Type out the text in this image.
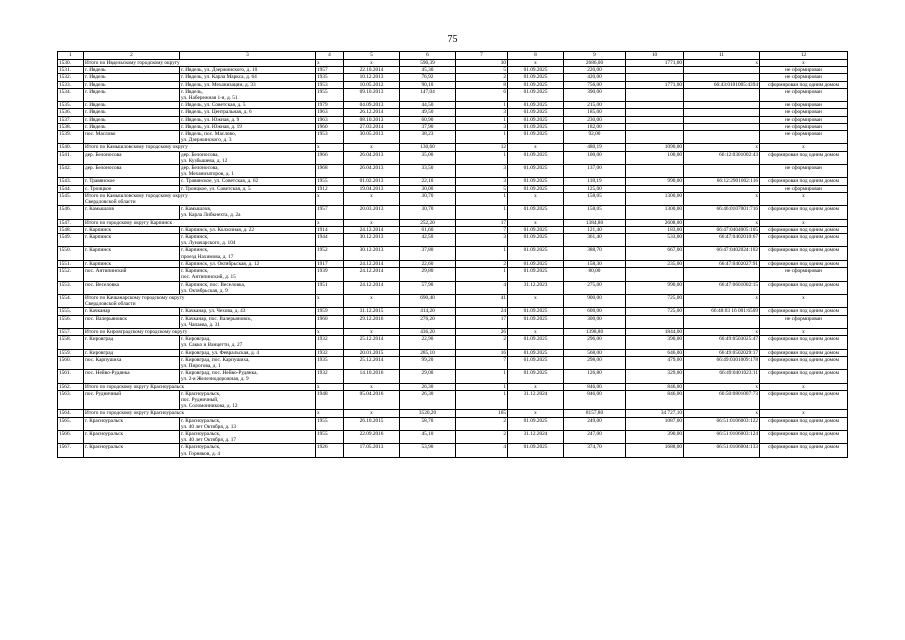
75
1	2	3	4	5	6	7	8	9	10	11	12
1530.	Итого по Ивдельскому городскому округу		x	x	590,39	30	x	2686,00	1771,00	x	x
1531.	г. Ивдель	г. Ивдель, ул. Дзержинского, д. 10	1957	22.10.2014	45,30	5	01.09.2025	220,00			не сформирован
1532.	г. Ивдель	г. Ивдель, ул. Карла Маркса, д. 64	1935	10.12.2013	76,92	2	01.09.2025	420,00			не сформирован
1533.	г. Ивдель	г. Ивдель, ул. Механизации, д. 33	1953	10.05.2012	90,10	8	01.09.2025	756,00	1771,00	66:43:0101005:4394	сформирован под одним домом
1534.	г. Ивдель	г. Ивдель,
ул. Набережная 1-я, д. 51	1955	09.10.2013	147,04	6	01.09.2025	390,00			не сформирован
1535.	г. Ивдель	г. Ивдель, ул. Советская, д. 5	1979	04.09.2013	44,50	1	01.09.2025	215,00			не сформирован
1536.	г. Ивдель	г. Ивдель, ул. Центральная, д. 6	1963	26.12.2014	49,50	3	01.09.2025	185,00			не сформирован
1537.	г. Ивдель	г. Ивдель, ул. Южная, д. 9	1963	08.10.2013	60,90	1	01.09.2025	230,00			не сформирован
1538.	г. Ивдель	г. Ивдель, ул. Южная, д. 19	1960	27.03.2014	37,90	3	01.09.2025	182,00			не сформирован
1539.	пос. Маслово	г. Ивдель, пос. Маслово,
ул. Дзержинского, д. 3	1953	30.05.2013	38,23	1	01.09.2025	92,00			не сформирован
1540.	Итого по Камышловскому городскому округу		x	x	130,60	12	x	480,19	1090,00	x	x
1541.	дер. Белоносова	дер. Белоносова,
ул. Кузбышева, д. 12	1966	26.04.2013	35,00	1	01.09.2025	100,00	100,00	66:12:0301002:43	сформирован под одним домом
1542.	дер. Белоносова	дер. Белоносова,
ул. Механизаторов, д. 1	1968	26.04.2013	33,50	3	01.09.2025	137,00			не сформирован
1543.	г. Травянское	с. Травянское, ул. Советская, д. 62	1955	01.02.2013	22,10	3	01.09.2025	118,19	990,00	66:12:2901002:116	сформирован под одним домом
1544.	с. Троицкое	г. Троицкое, ул. Советская, д. 5	1912	19.04.2013	30,00	5	01.09.2025	125,00			не сформирован
1545.	Итого по Камышловскому городскому округу
Свердловской области		x	x	30,70	1	x	158,05	1300,00	x	x
1546.	г. Камышлов	г. Камышлов,
ул. Карла Либкнехта, д. 2а	1957	20.03.2013	30,70	1	01.09.2025	158,05	1300,00	66:46:0107001:716	сформирован под одним домом
1547.	Итого по городскому округу Карпинск		x	x	252,20	17	x	1384,80	2608,00	x	x
1548.	г. Карпинск	г. Карпинск, ул. Колхозная, д. 22	1914	24.12.2014	61,60	7	01.09.2025	121,40	183,00	66:47:0404005:105	сформирован под одним домом
1549.	г. Карпинск	г. Карпинск,
ул. Луначарского, д. 104	1944	30.12.2013	42,50	3	01.09.2025	361,40	533,00	66:47:0402010:67	сформирован под одним домом
1550.	г. Карпинск	г. Карпинск,
проезд Нахимова, д. 17	1952	30.12.2013	37,80	1	01.09.2025	388,70	667,00	66:47:0402024:102	сформирован под одним домом
1551.	г. Карпинск	г. Карпинск, ул. Октябрьская, д. 12	1917	24.12.2014	22,60	2	01.09.2025	158,30	235,00	66:47:0402027:91	сформирован под одним домом
1552.	пос. Антипинский	г. Карпинск,
пос. Антипинский, д. 15	1939	24.12.2014	29,80	1	01.09.2025	80,00			не сформирован
1553.	пос. Веселовка	г. Карпинск, пос. Веселовка,
ул. Октябрьская, д. 9	1951	24.12.2014	57,90	4	31.12.2023	275,00	990,00	66:47:0601002:15	сформирован под одним домом
1554.	Итого по Качканарскому городскому округу
Свердловской области		x	x	690,40	41	x	900,00	725,00	x	x
1555.	г. Качканар	г. Качканар, ул. Чехова, д. 43	1959	31.12.2015	414,20	24	01.09.2025	600,00	725,00	66:48:03 16 001:6509	сформирован под одним домом
1556.	пос. Валерьяновск	г. Качканар, пос. Валерьяновск,
ул. Чапаева, д. 31	1960	29.12.2016	276,20	17	01.09.2025	300,00			не сформирован
1557.	Итого по Кировградскому городскому округу		x	x	436,20	26	x	1398,80	1844,00	x	x
1558.	г. Кировград	г. Кировград,
ул. Сакко и Ванцетти, д. 27	1932	25.12.2014	22,90	2	01.09.2025	296,00	390,00	66:49:0503025:47	сформирован под одним домом
1559.	г. Кировград	г. Кировград, ул. Февральская, д. 4	1932	20.01.2015	285,10	16	01.09.2025	568,00	646,00	66:49:0502029:17	сформирован под одним домом
1560.	пос. Карпушиха	г. Кировград, пос. Карпушиха,
ул. Пирогова, д. 1	1935	25.12.2014	99,20	7	01.09.2025	298,00	479,00	66:49:0301009:178	сформирован под одним домом
1561.	пос. Нейво-Рудянка	г. Кировград, пос. Нейво-Рудянка,
ул. 2-я Железнодорожная, д. 9	1932	14.10.2016	29,00	1	01.09.2025	126,80	329,00	66:49:0401023:11	сформирован под одним домом
1562.	Итого по городскому округу Красноуральск		x	x	26,30	1	x	846,00	846,00	x	x
1563.	пос. Рудничный	г. Красноуральск,
пос. Рудничный,
ул. Соломонникова, д. 12	1948	05.04.2016	26,30	1	31.12.2024	846,00	846,00	66:50:0801007:73	сформирован под одним домом
1564.	Итого по городскому округу Красноуральск		x	x	3520,20	165	x	8157,80	34 727,10	x	x
1565.	г. Красноуральск	г. Красноуральск,
ул. 40 лет Октября, д. 13	1955	26.10.2015	58,70	2	01.09.2025	249,00	1087,00	66:51:0106003:122	сформирован под одним домом
1566.	г. Красноуральск	г. Красноуральск,
ул. 40 лет Октября, д. 17	1955	22.09.2016	45,10	2	31.12.2024	247,00	390,00	66:51:0106003:124	сформирован под одним домом
1567.	г. Красноуральск	г. Красноуральск,
ул. Горняков, д. 4	1926	17.05.2013	53,90	4	01.09.2025	374,70	1688,00	66:51:0106004:133	сформирован под одним домом
